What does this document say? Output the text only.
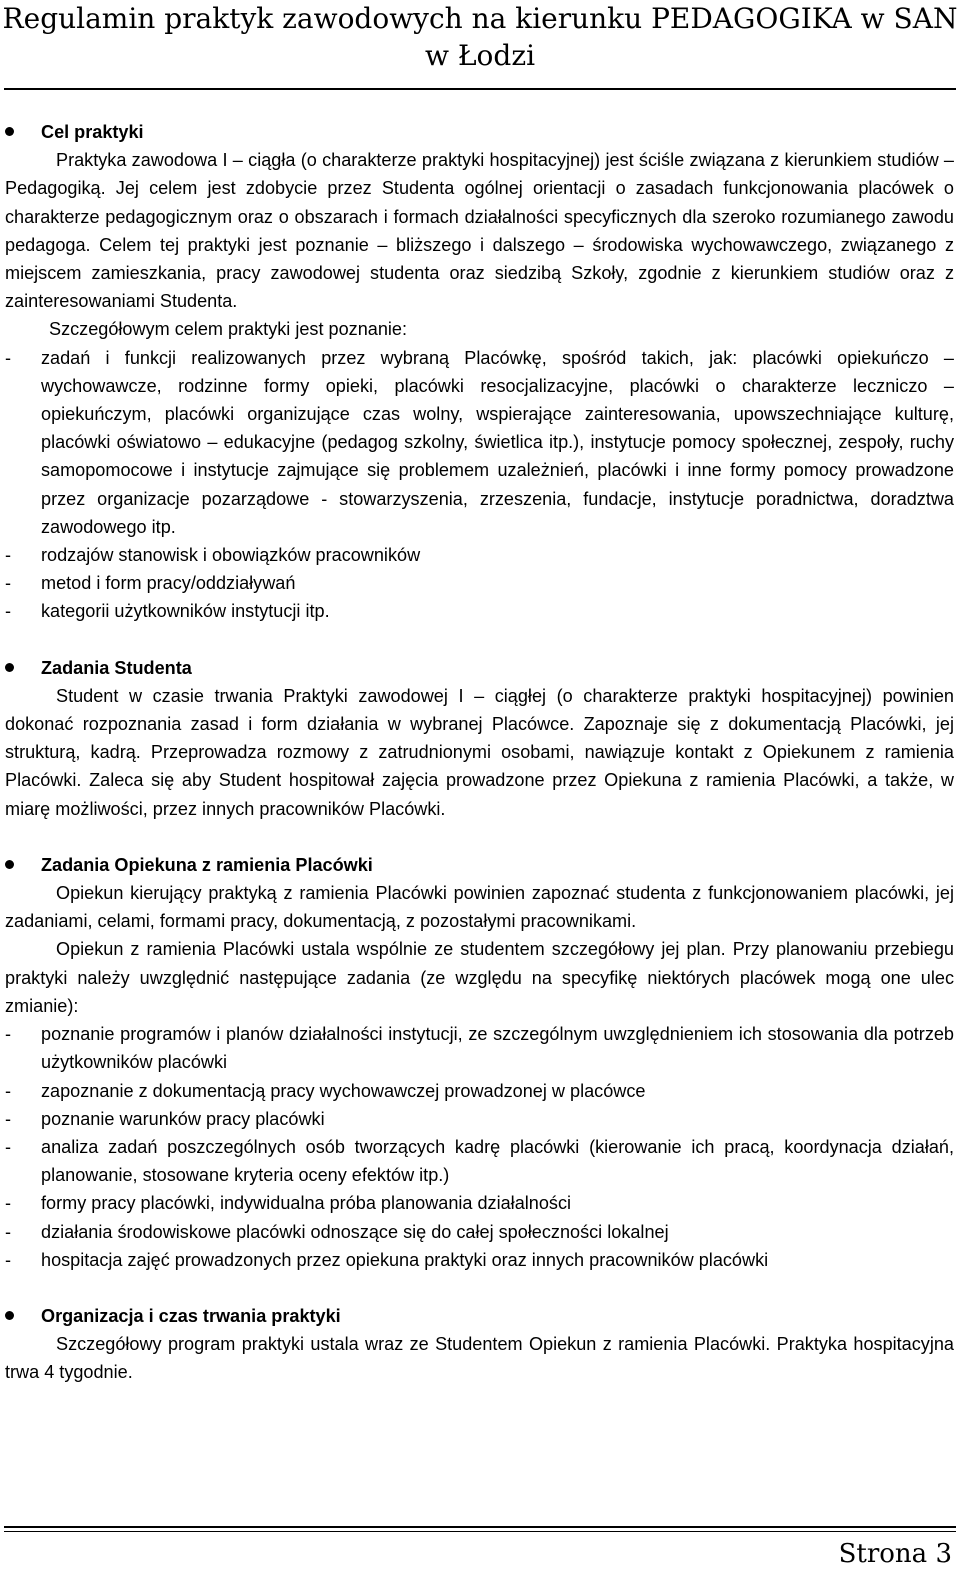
Regulamin praktyk zawodowych na kierunku PEDAGOGIKA w SAN w Łodzi
Cel praktyki

Praktyka zawodowa I – ciągła (o charakterze praktyki hospitacyjnej) jest ściśle związana z kierunkiem studiów – Pedagogiką. Jej celem jest zdobycie przez Studenta ogólnej orientacji o zasadach funkcjonowania placówek o charakterze pedagogicznym oraz o obszarach i formach działalności specyficznych dla szeroko rozumianego zawodu pedagoga. Celem tej praktyki jest poznanie – bliższego i dalszego – środowiska wychowawczego, związanego z miejscem zamieszkania, pracy zawodowej studenta oraz siedzibą Szkoły, zgodnie z kierunkiem studiów oraz z zainteresowaniami Studenta.

Szczegółowym celem praktyki jest poznanie:

- zadań i funkcji realizowanych przez wybraną Placówkę, spośród takich, jak: placówki opiekuńczo – wychowawcze, rodzinne formy opieki, placówki resocjalizacyjne, placówki o charakterze leczniczo – opiekuńczym, placówki organizujące czas wolny, wspierające zainteresowania, upowszechniające kulturę, placówki oświatowo – edukacyjne (pedagog szkolny, świetlica itp.), instytucje pomocy społecznej, zespoły, ruchy samopomocowe i instytucje zajmujące się problemem uzależnień, placówki i inne formy pomocy prowadzone przez organizacje pozarządowe - stowarzyszenia, zrzeszenia, fundacje, instytucje poradnictwa, doradztwa zawodowego itp.
- rodzajów stanowisk i obowiązków pracowników
- metod i form pracy/oddziaływań
- kategorii użytkowników instytucji itp.
Zadania Studenta

Student w czasie trwania Praktyki zawodowej I – ciągłej (o charakterze praktyki hospitacyjnej) powinien dokonać rozpoznania zasad i form działania w wybranej Placówce. Zapoznaje się z dokumentacją Placówki, jej strukturą, kadrą. Przeprowadza rozmowy z zatrudnionymi osobami, nawiązuje kontakt z Opiekunem z ramienia Placówki. Zaleca się aby Student hospitował zajęcia prowadzone przez Opiekuna z ramienia Placówki, a także, w miarę możliwości, przez innych pracowników Placówki.

Zadania Opiekuna z ramienia Placówki

Opiekun kierujący praktyką z ramienia Placówki powinien zapoznać studenta z funkcjonowaniem placówki, jej zadaniami, celami, formami pracy, dokumentacją, z pozostałymi pracownikami.

Opiekun z ramienia Placówki ustala wspólnie ze studentem szczegółowy jej plan. Przy planowaniu przebiegu praktyki należy uwzględnić następujące zadania (ze względu na specyfikę niektórych placówek mogą one ulec zmianie):

- poznanie programów i planów działalności instytucji, ze szczególnym uwzględnieniem ich stosowania dla potrzeb użytkowników placówki
- zapoznanie z dokumentacją pracy wychowawczej prowadzonej w placówce
- poznanie warunków pracy placówki
- analiza zadań poszczególnych osób tworzących kadrę placówki (kierowanie ich pracą, koordynacja działań, planowanie, stosowane kryteria oceny efektów itp.)
- formy pracy placówki, indywidualna próba planowania działalności
- działania środowiskowe placówki odnoszące się do całej społeczności lokalnej
- hospitacja zajęć prowadzonych przez opiekuna praktyki oraz innych pracowników placówki
Organizacja i czas trwania praktyki

Szczegółowy program praktyki ustala wraz ze Studentem Opiekun z ramienia Placówki. Praktyka hospitacyjna trwa 4 tygodnie.

Strona 3
